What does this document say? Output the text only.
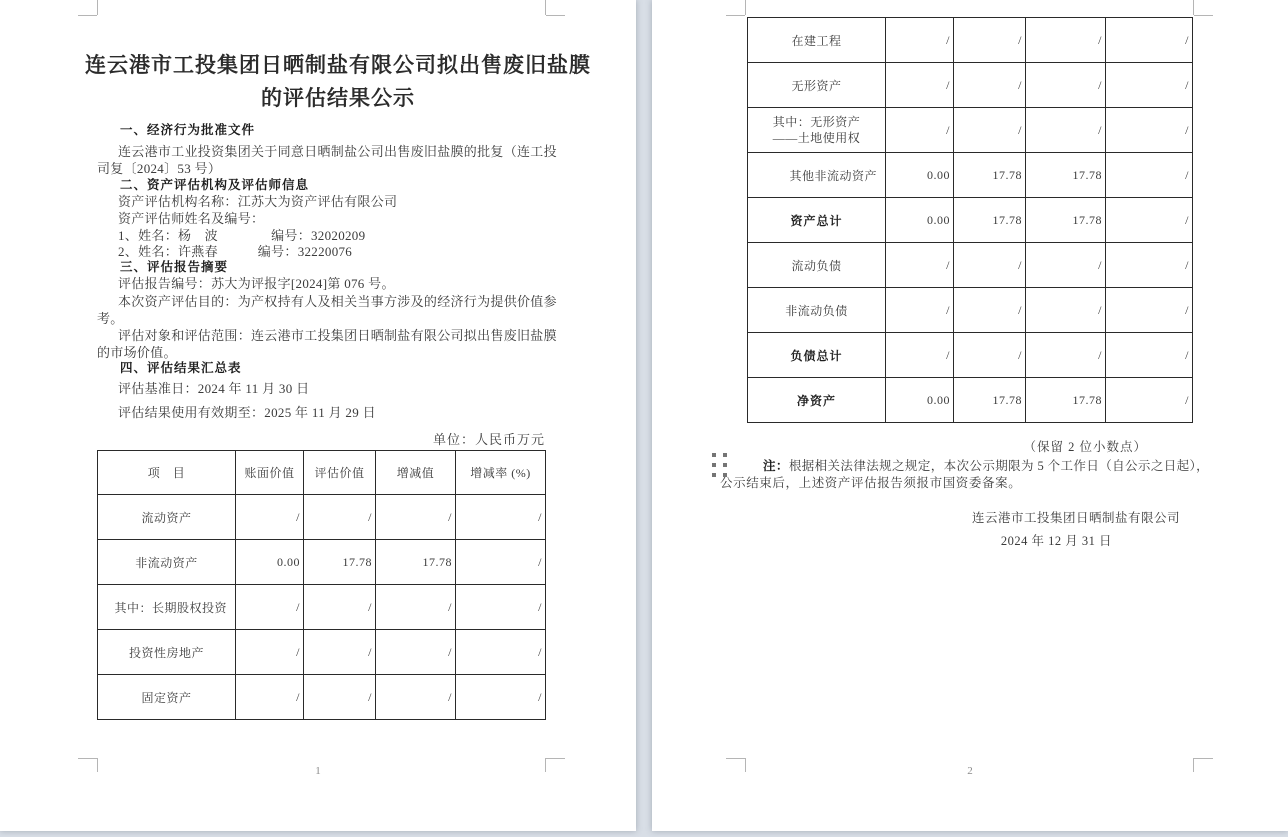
连云港市工投集团日晒制盐有限公司拟出售废旧盐膜
的评估结果公示
一、经济行为批准文件
连云港市工业投资集团关于同意日晒制盐公司出售废旧盐膜的批复（连工投
司复〔2024〕53 号）
二、资产评估机构及评估师信息
资产评估机构名称：江苏大为资产评估有限公司
资产评估师姓名及编号：
1、姓名：杨　波　　　　编号：32020209
2、姓名：许燕春　　　编号：32220076
三、评估报告摘要
评估报告编号：苏大为评报字[2024]第 076 号。
本次资产评估目的：为产权持有人及相关当事方涉及的经济行为提供价值参
考。
评估对象和评估范围：连云港市工投集团日晒制盐有限公司拟出售废旧盐膜
的市场价值。
四、评估结果汇总表
评估基准日：2024 年 11 月 30 日
评估结果使用有效期至：2025 年 11 月 29 日
单位：人民币万元
项　目	账面价值	评估价值	增减值	增减率 (%)
流动资产	/	/	/	/
非流动资产	0.00	17.78	17.78	/
其中：长期股权投资	/	/	/	/
投资性房地产	/	/	/	/
固定资产	/	/	/	/
1
在建工程	/	/	/	/
无形资产	/	/	/	/

其中：无形资产
——土地使用权	/	/	/	/
其他非流动资产	0.00	17.78	17.78	/
资产总计	0.00	17.78	17.78	/
流动负债	/	/	/	/
非流动负债	/	/	/	/
负债总计	/	/	/	/
净资产	0.00	17.78	17.78	/
（保留 2 位小数点）
注：根据相关法律法规之规定，本次公示期限为 5 个工作日（自公示之日起），
公示结束后，上述资产评估报告须报市国资委备案。
连云港市工投集团日晒制盐有限公司
2024 年 12 月 31 日
2
